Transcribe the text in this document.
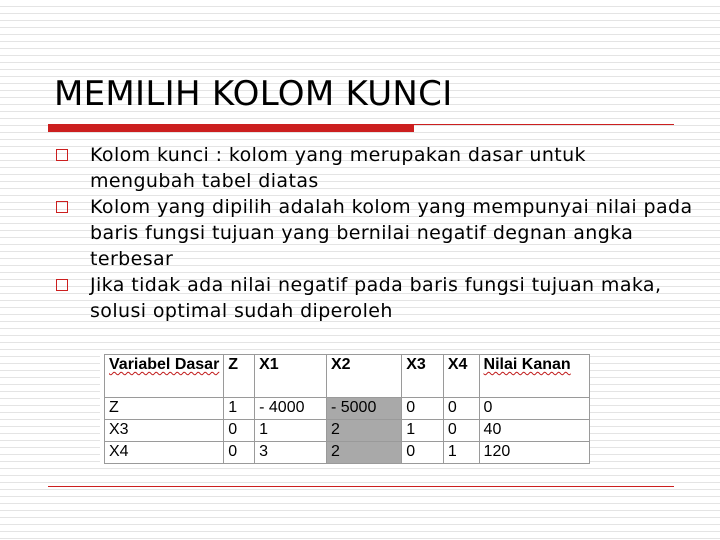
MEMILIH KOLOM KUNCI
Kolom kunci : kolom yang merupakan dasar untuk mengubah tabel diatas
Kolom yang dipilih adalah kolom yang mempunyai nilai pada baris fungsi tujuan yang bernilai negatif degnan angka terbesar
Jika tidak ada nilai negatif pada baris fungsi tujuan maka, solusi optimal sudah diperoleh
Variabel Dasar	Z	X1	X2	X3	X4	Nilai Kanan
Z	1	- 4000	- 5000	0	0	0
X3	0	1	2	1	0	40
X4	0	3	2	0	1	120
